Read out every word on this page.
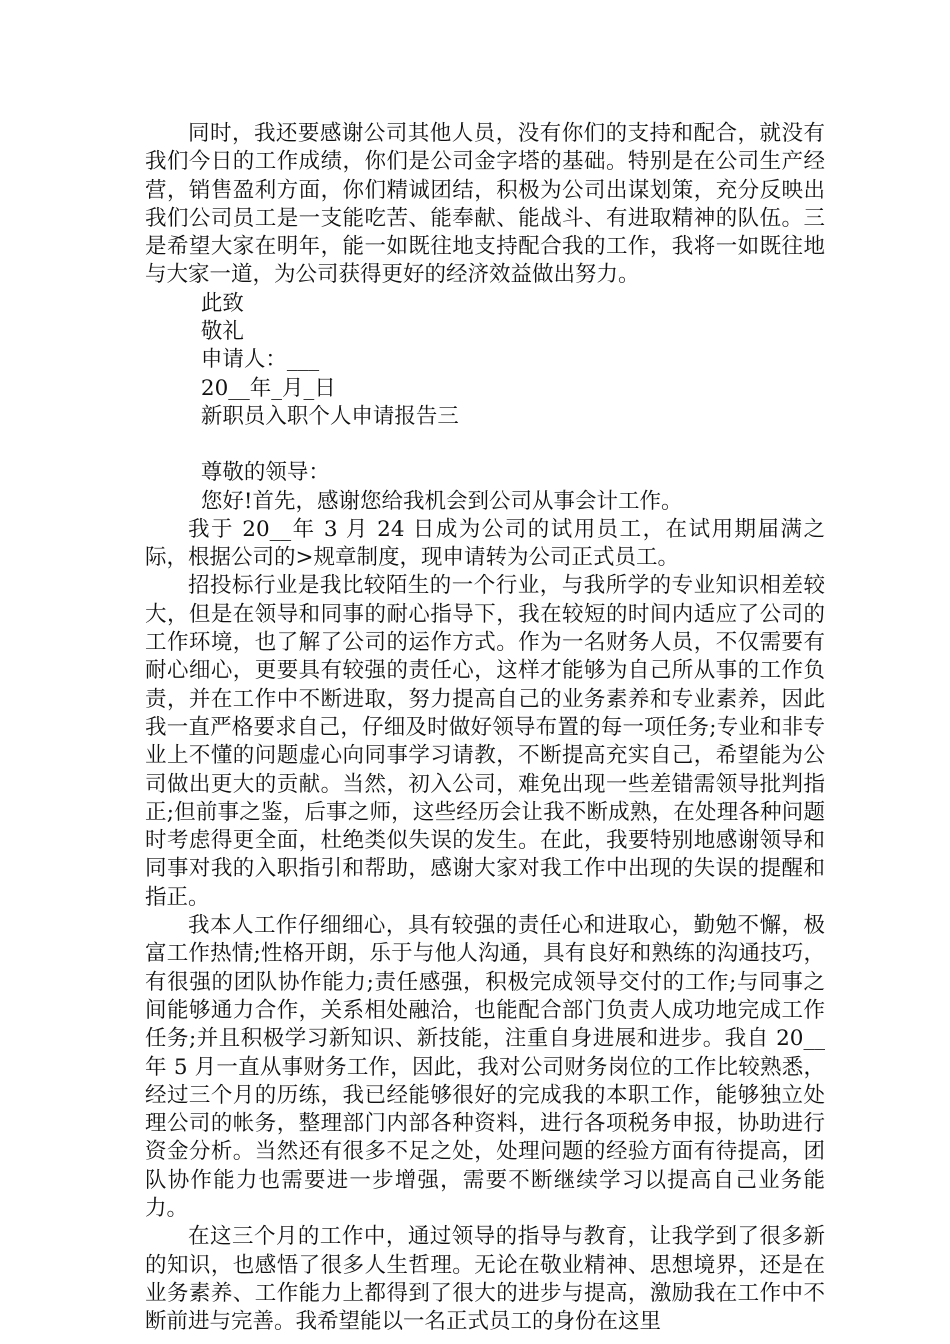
同时，我还要感谢公司其他人员，没有你们的支持和配合，就没有我们今日的工作成绩，你们是公司金字塔的基础。特别是在公司生产经营，销售盈利方面，你们精诚团结，积极为公司出谋划策，充分反映出我们公司员工是一支能吃苦、能奉献、能战斗、有进取精神的队伍。三是希望大家在明年，能一如既往地支持配合我的工作，我将一如既往地与大家一道，为公司获得更好的经济效益做出努力。

此致

敬礼

申请人：___

20__年_月_日

新职员入职个人申请报告三

尊敬的领导：

您好!首先，感谢您给我机会到公司从事会计工作。

我于 20__年 3 月 24 日成为公司的试用员工，在试用期届满之际，根据公司的>规章制度，现申请转为公司正式员工。

招投标行业是我比较陌生的一个行业，与我所学的专业知识相差较大，但是在领导和同事的耐心指导下，我在较短的时间内适应了公司的工作环境，也了解了公司的运作方式。作为一名财务人员，不仅需要有耐心细心，更要具有较强的责任心，这样才能够为自己所从事的工作负责，并在工作中不断进取，努力提高自己的业务素养和专业素养，因此我一直严格要求自己，仔细及时做好领导布置的每一项任务;专业和非专业上不懂的问题虚心向同事学习请教，不断提高充实自己，希望能为公司做出更大的贡献。当然，初入公司，难免出现一些差错需领导批判指正;但前事之鉴，后事之师，这些经历会让我不断成熟，在处理各种问题时考虑得更全面，杜绝类似失误的发生。在此，我要特别地感谢领导和同事对我的入职指引和帮助，感谢大家对我工作中出现的失误的提醒和指正。

我本人工作仔细细心，具有较强的责任心和进取心，勤勉不懈，极富工作热情;性格开朗，乐于与他人沟通，具有良好和熟练的沟通技巧，有很强的团队协作能力;责任感强，积极完成领导交付的工作;与同事之间能够通力合作，关系相处融洽，也能配合部门负责人成功地完成工作任务;并且积极学习新知识、新技能，注重自身进展和进步。我自 20__年 5 月一直从事财务工作，因此，我对公司财务岗位的工作比较熟悉，经过三个月的历练，我已经能够很好的完成我的本职工作，能够独立处理公司的帐务，整理部门内部各种资料，进行各项税务申报，协助进行资金分析。当然还有很多不足之处，处理问题的经验方面有待提高，团队协作能力也需要进一步增强，需要不断继续学习以提高自己业务能力。

在这三个月的工作中，通过领导的指导与教育，让我学到了很多新的知识，也感悟了很多人生哲理。无论在敬业精神、思想境界，还是在业务素养、工作能力上都得到了很大的进步与提高，激励我在工作中不断前进与完善。我希望能以一名正式员工的身份在这里
